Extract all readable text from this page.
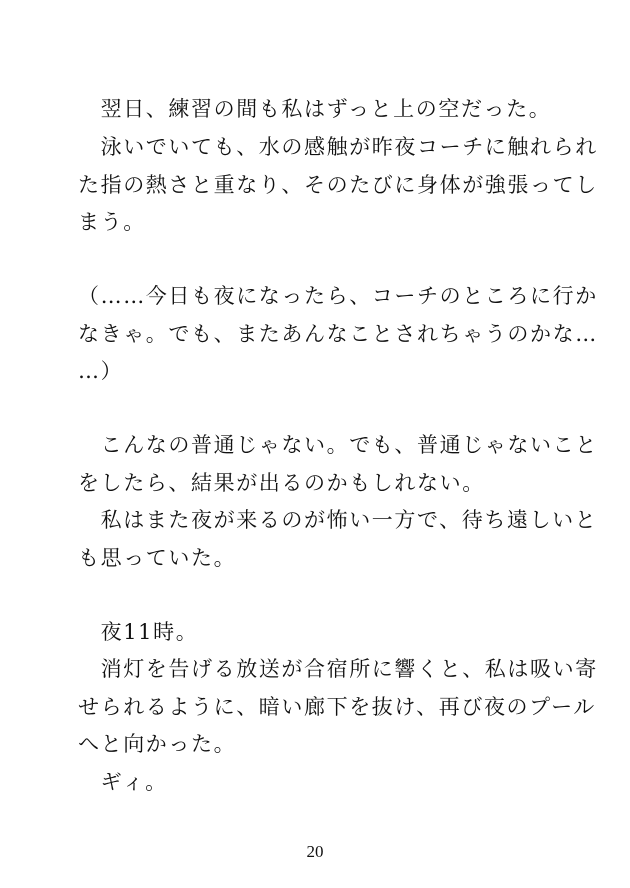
　翌日、練習の間も私はずっと上の空だった。
　泳いでいても、水の感触が昨夜コーチに触れられ
た指の熱さと重なり、そのたびに身体が強張ってし
まう。
（……今日も夜になったら、コーチのところに行か
なきゃ。でも、またあんなことされちゃうのかな…
…）
　こんなの普通じゃない。でも、普通じゃないこと
をしたら、結果が出るのかもしれない。
　私はまた夜が来るのが怖い一方で、待ち遠しいと
も思っていた。
　夜11時。
　消灯を告げる放送が合宿所に響くと、私は吸い寄
せられるように、暗い廊下を抜け、再び夜のプール
へと向かった。
　ギィ。
20
